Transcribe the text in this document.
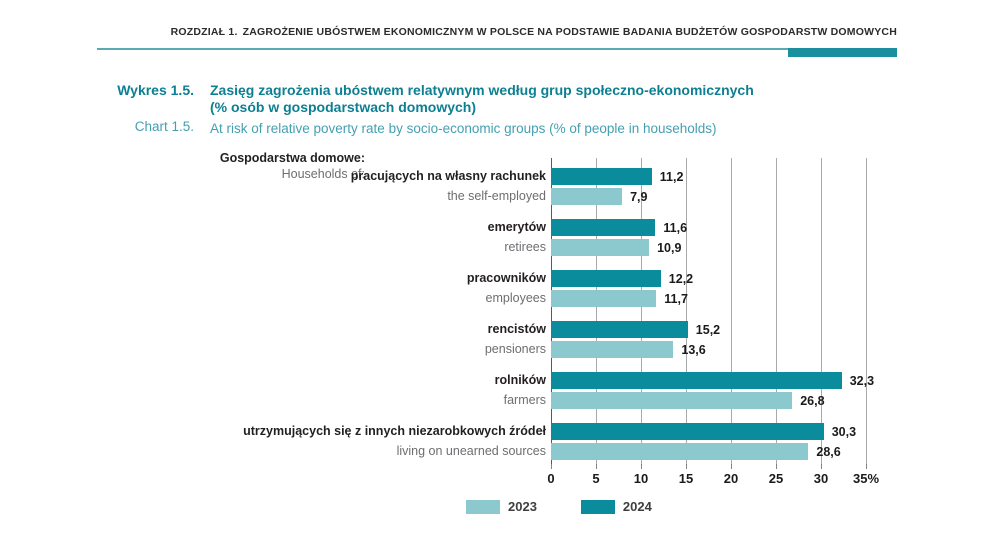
ROZDZIAŁ 1. ZAGROŻENIE UBÓSTWEM EKONOMICZNYM W POLSCE NA PODSTAWIE BADANIA BUDŻETÓW GOSPODARSTW DOMOWYCH
Wykres 1.5.
Chart 1.5.
Zasięg zagrożenia ubóstwem relatywnym według grup społeczno-ekonomicznych
(% osób w gospodarstwach domowych)
At risk of relative poverty rate by socio-economic groups (% of people in households)
Gospodarstwa domowe:
Households of:
pracujących na własny rachunek
the self-employed
emerytów
retirees
pracowników
employees
rencistów
pensioners
rolników
farmers
utrzymujących się z innych niezarobkowych źródeł
living on unearned sources
11,2
7,9
11,6
10,9
12,2
11,7
15,2
13,6
32,3
26,8
30,3
28,6
0	5	10 15 20 25 30 35%
2023	2024
